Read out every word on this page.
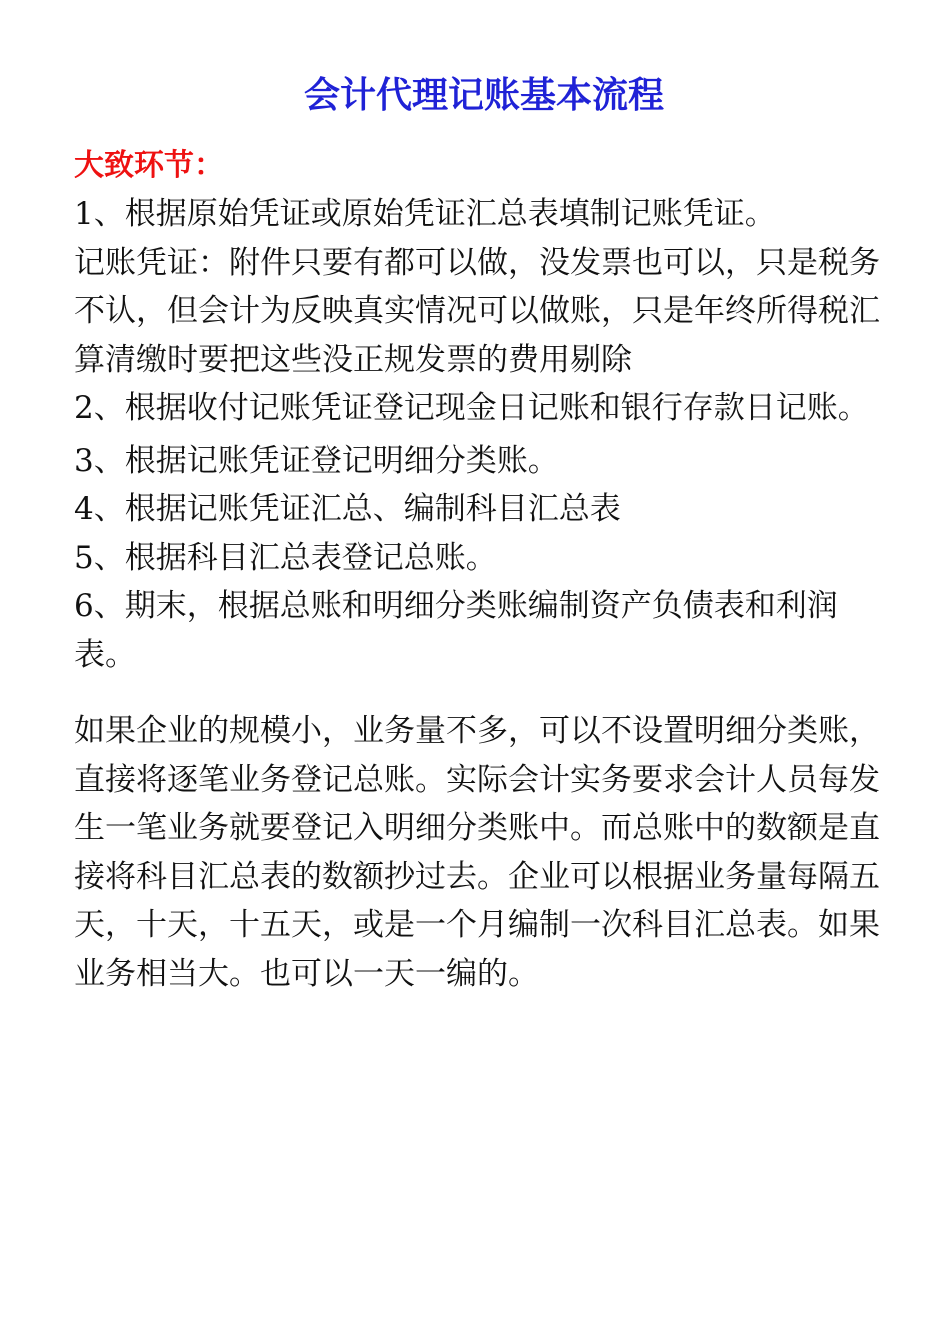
会计代理记账基本流程
大致环节：
1、根据原始凭证或原始凭证汇总表填制记账凭证。
记账凭证：附件只要有都可以做，没发票也可以，只是税务不认，但会计为反映真实情况可以做账，只是年终所得税汇算清缴时要把这些没正规发票的费用剔除
2、根据收付记账凭证登记现金日记账和银行存款日记账。
3、根据记账凭证登记明细分类账。
4、根据记账凭证汇总、编制科目汇总表
5、根据科目汇总表登记总账。
6、期末，根据总账和明细分类账编制资产负债表和利润表。
如果企业的规模小，业务量不多，可以不设置明细分类账，直接将逐笔业务登记总账。实际会计实务要求会计人员每发生一笔业务就要登记入明细分类账中。而总账中的数额是直接将科目汇总表的数额抄过去。企业可以根据业务量每隔五天，十天，十五天，或是一个月编制一次科目汇总表。如果业务相当大。也可以一天一编的。
